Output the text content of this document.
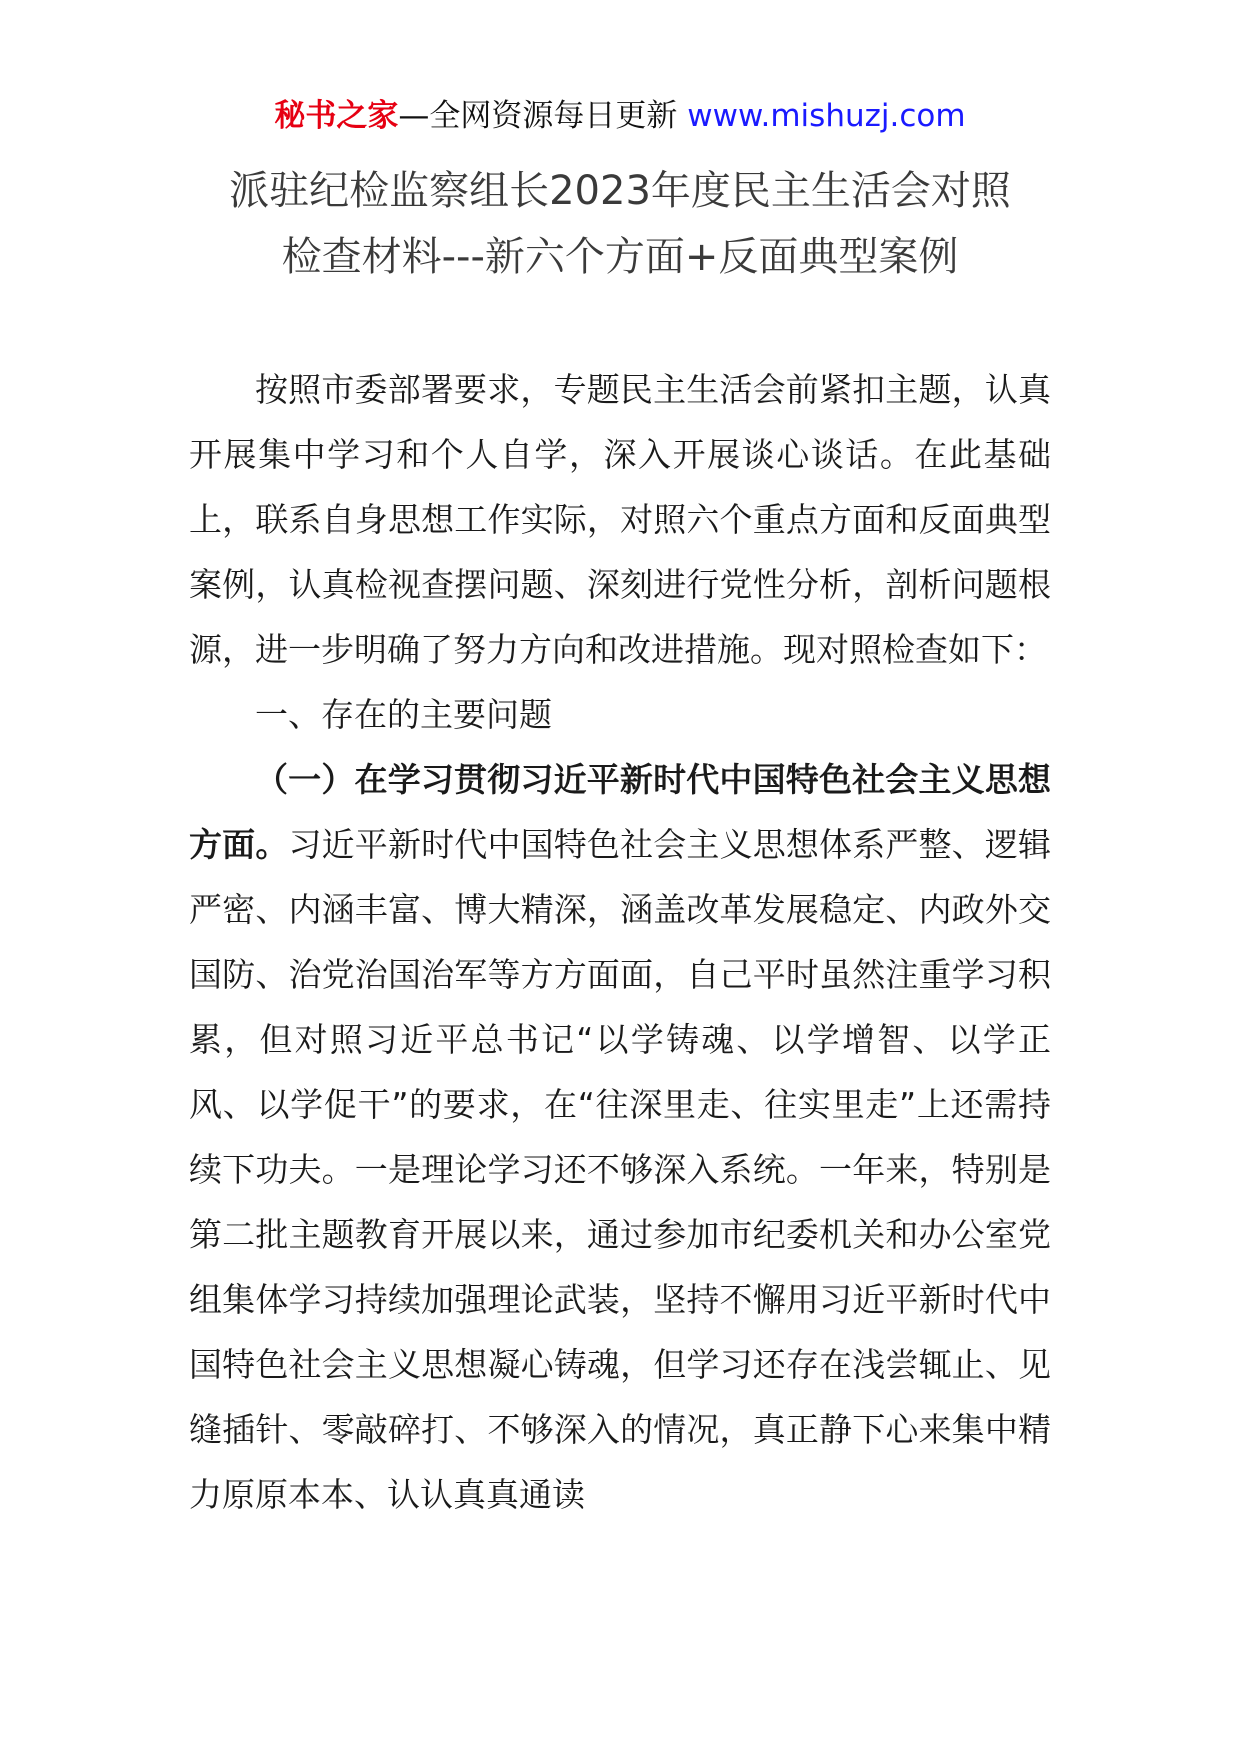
秘书之家—全网资源每日更新 www.mishuzj.com
派驻纪检监察组长2023年度民主生活会对照
检查材料---新六个方面+反面典型案例

按照市委部署要求，专题民主生活会前紧扣主题，认真开展集中学习和个人自学，深入开展谈心谈话。在此基础上，联系自身思想工作实际，对照六个重点方面和反面典型案例，认真检视查摆问题、深刻进行党性分析，剖析问题根源，进一步明确了努力方向和改进措施。现对照检查如下：

一、存在的主要问题

（一）在学习贯彻习近平新时代中国特色社会主义思想方面。习近平新时代中国特色社会主义思想体系严整、逻辑严密、内涵丰富、博大精深，涵盖改革发展稳定、内政外交国防、治党治国治军等方方面面，自己平时虽然注重学习积累，但对照习近平总书记“以学铸魂、以学增智、以学正风、以学促干”的要求，在“往深里走、往实里走”上还需持续下功夫。一是理论学习还不够深入系统。一年来，特别是第二批主题教育开展以来，通过参加市纪委机关和办公室党组集体学习持续加强理论武装，坚持不懈用习近平新时代中国特色社会主义思想凝心铸魂，但学习还存在浅尝辄止、见缝插针、零敲碎打、不够深入的情况，真正静下心来集中精力原原本本、认认真真通读
